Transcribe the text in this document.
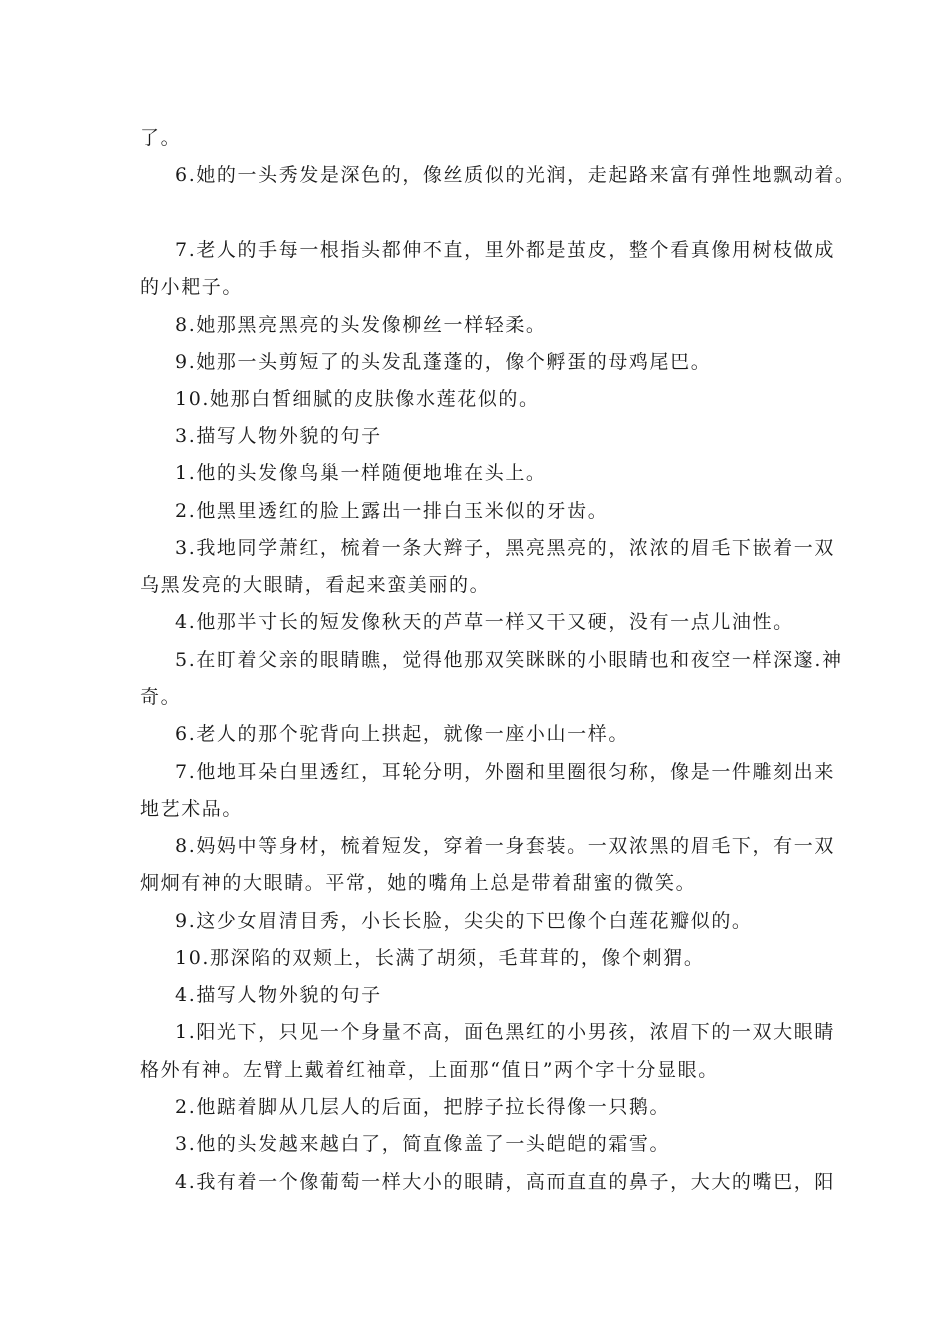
了。

6.她的一头秀发是深色的，像丝质似的光润，走起路来富有弹性地飘动着。

7.老人的手每一根指头都伸不直，里外都是茧皮，整个看真像用树枝做成

的小耙子。

8.她那黑亮黑亮的头发像柳丝一样轻柔。

9.她那一头剪短了的头发乱蓬蓬的，像个孵蛋的母鸡尾巴。

10.她那白皙细腻的皮肤像水莲花似的。

3.描写人物外貌的句子

1.他的头发像鸟巢一样随便地堆在头上。

2.他黑里透红的脸上露出一排白玉米似的牙齿。

3.我地同学萧红，梳着一条大辫子，黑亮黑亮的，浓浓的眉毛下嵌着一双

乌黑发亮的大眼睛，看起来蛮美丽的。

4.他那半寸长的短发像秋天的芦草一样又干又硬，没有一点儿油性。

5.在盯着父亲的眼睛瞧，觉得他那双笑眯眯的小眼睛也和夜空一样深邃.神

奇。

6.老人的那个驼背向上拱起，就像一座小山一样。

7.他地耳朵白里透红，耳轮分明，外圈和里圈很匀称，像是一件雕刻出来

地艺术品。

8.妈妈中等身材，梳着短发，穿着一身套装。一双浓黑的眉毛下，有一双

炯炯有神的大眼睛。平常，她的嘴角上总是带着甜蜜的微笑。

9.这少女眉清目秀，小长长脸，尖尖的下巴像个白莲花瓣似的。

10.那深陷的双颊上，长满了胡须，毛茸茸的，像个刺猬。

4.描写人物外貌的句子

1.阳光下，只见一个身量不高，面色黑红的小男孩，浓眉下的一双大眼睛

格外有神。左臂上戴着红袖章，上面那“值日”两个字十分显眼。

2.他踮着脚从几层人的后面，把脖子拉长得像一只鹅。

3.他的头发越来越白了，简直像盖了一头皑皑的霜雪。

4.我有着一个像葡萄一样大小的眼睛，高而直直的鼻子，大大的嘴巴，阳
